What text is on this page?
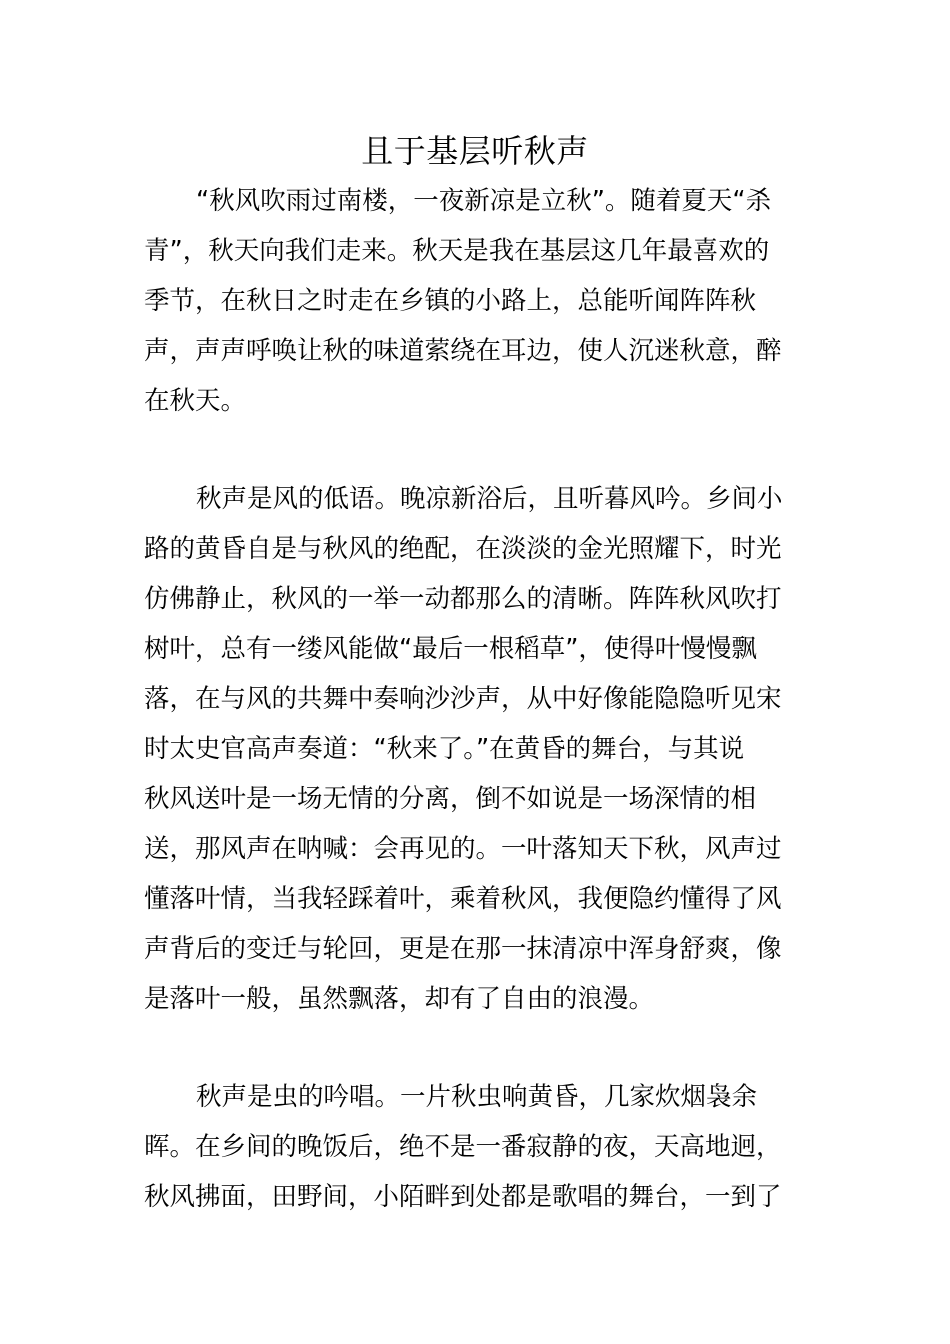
且于基层听秋声
“秋风吹雨过南楼，一夜新凉是立秋”。随着夏天“杀
青”，秋天向我们走来。秋天是我在基层这几年最喜欢的
季节，在秋日之时走在乡镇的小路上，总能听闻阵阵秋
声，声声呼唤让秋的味道萦绕在耳边，使人沉迷秋意，醉
在秋天。
秋声是风的低语。晚凉新浴后，且听暮风吟。乡间小
路的黄昏自是与秋风的绝配，在淡淡的金光照耀下，时光
仿佛静止，秋风的一举一动都那么的清晰。阵阵秋风吹打
树叶，总有一缕风能做“最后一根稻草”，使得叶慢慢飘
落，在与风的共舞中奏响沙沙声，从中好像能隐隐听见宋
时太史官高声奏道：“秋来了。”在黄昏的舞台，与其说
秋风送叶是一场无情的分离，倒不如说是一场深情的相
送，那风声在呐喊：会再见的。一叶落知天下秋，风声过
懂落叶情，当我轻踩着叶，乘着秋风，我便隐约懂得了风
声背后的变迁与轮回，更是在那一抹清凉中浑身舒爽，像
是落叶一般，虽然飘落，却有了自由的浪漫。
秋声是虫的吟唱。一片秋虫响黄昏，几家炊烟袅余
晖。在乡间的晚饭后，绝不是一番寂静的夜，天高地迥，
秋风拂面，田野间，小陌畔到处都是歌唱的舞台，一到了
